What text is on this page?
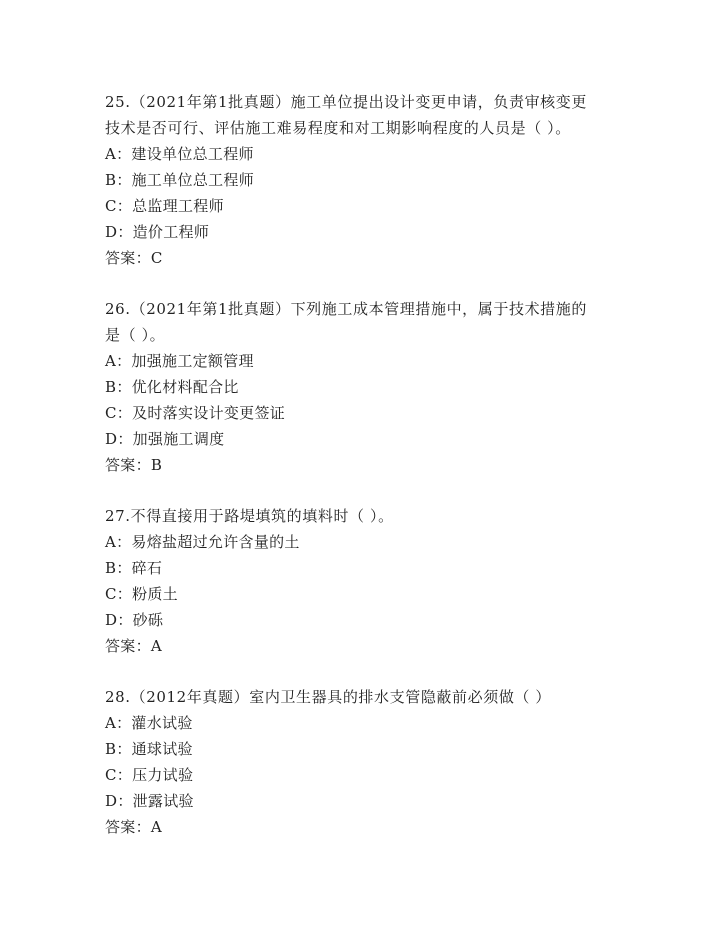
25.（2021年第1批真题）施工单位提出设计变更申请，负责审核变更
技术是否可行、评估施工难易程度和对工期影响程度的人员是（ ）。
A：建设单位总工程师
B：施工单位总工程师
C：总监理工程师
D：造价工程师
答案：C
26.（2021年第1批真题）下列施工成本管理措施中，属于技术措施的
是（ ）。
A：加强施工定额管理
B：优化材料配合比
C：及时落实设计变更签证
D：加强施工调度
答案：B
27.不得直接用于路堤填筑的填料时（ ）。
A：易熔盐超过允许含量的土
B：碎石
C：粉质土
D：砂砾
答案：A
28.（2012年真题）室内卫生器具的排水支管隐蔽前必须做（ ）
A：灌水试验
B：通球试验
C：压力试验
D：泄露试验
答案：A
